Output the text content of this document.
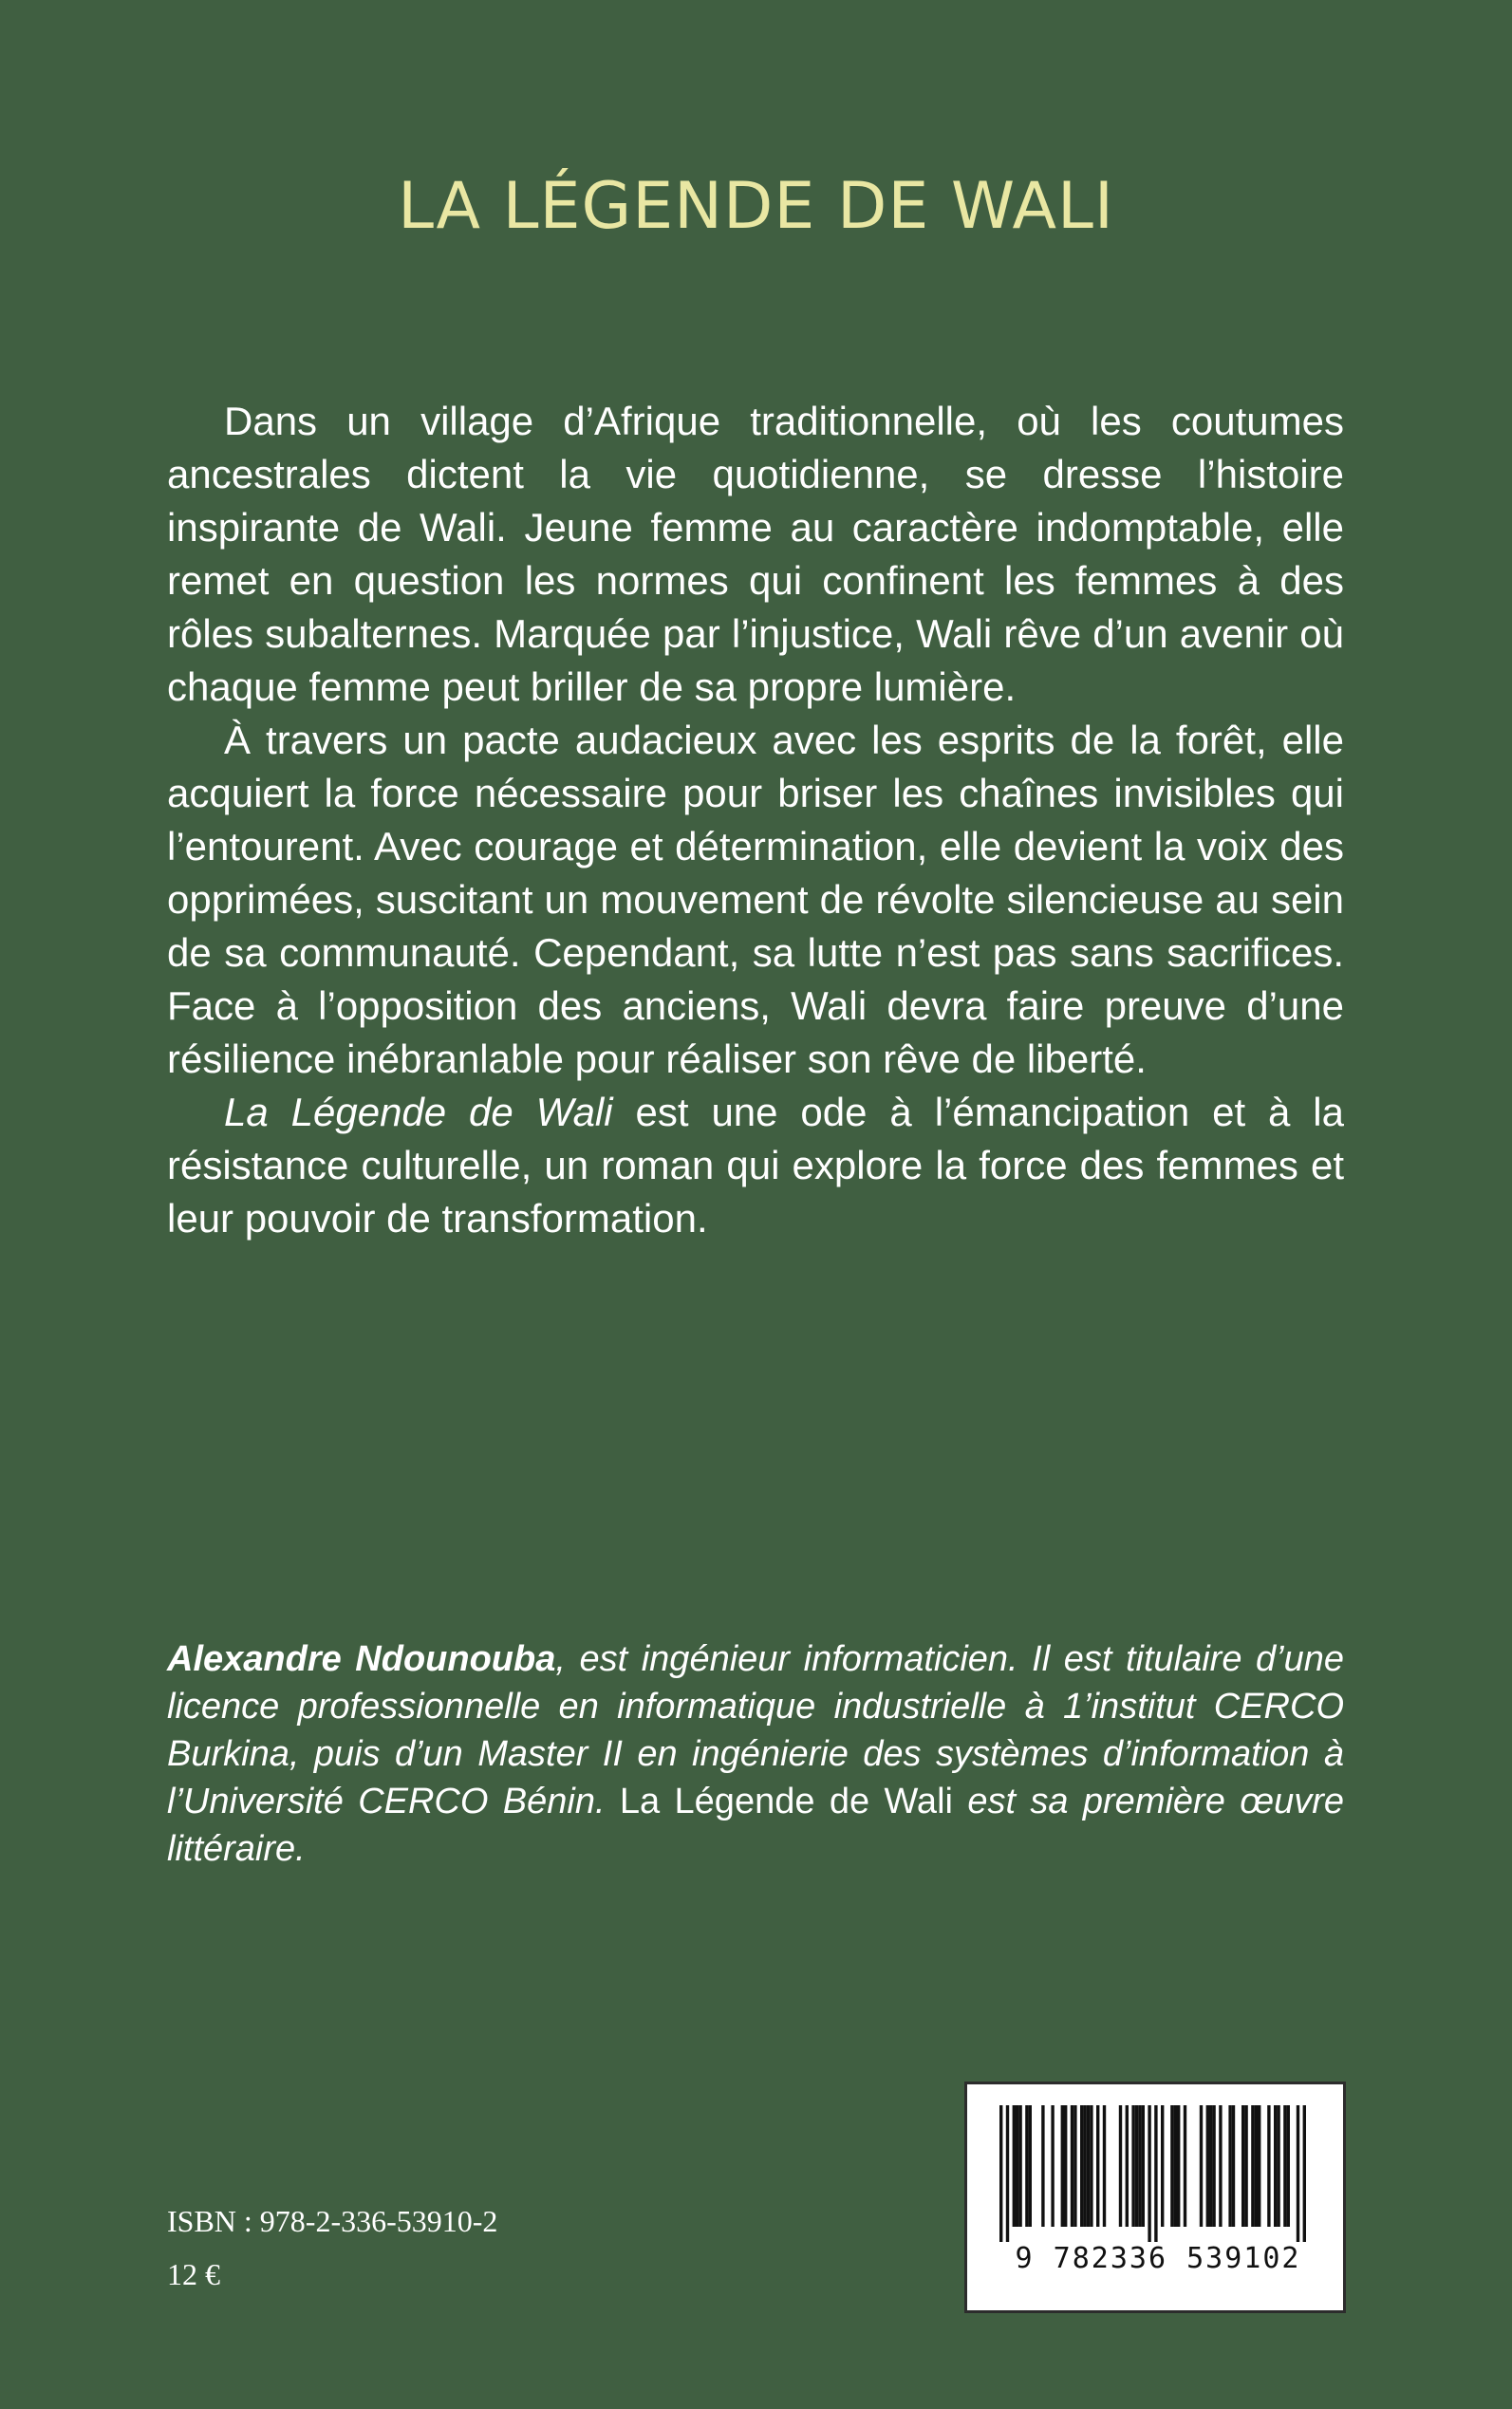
LA LÉGENDE DE WALI

Dans un village d’Afrique traditionnelle, où les coutumes ancestrales dictent la vie quotidienne, se dresse l’histoire inspirante de Wali. Jeune femme au caractère indomptable, elle remet en question les normes qui confinent les femmes à des rôles subalternes. Marquée par l’injustice, Wali rêve d’un avenir où chaque femme peut briller de sa propre lumière.

À travers un pacte audacieux avec les esprits de la forêt, elle acquiert la force nécessaire pour briser les chaînes invisibles qui l’entourent. Avec courage et détermination, elle devient la voix des opprimées, suscitant un mouvement de révolte silencieuse au sein de sa communauté. Cependant, sa lutte n’est pas sans sacrifices. Face à l’opposition des anciens, Wali devra faire preuve d’une résilience inébranlable pour réaliser son rêve de liberté.

La Légende de Wali est une ode à l’émancipation et à la résistance culturelle, un roman qui explore la force des femmes et leur pouvoir de transformation.

Alexandre Ndounouba, est ingénieur informaticien. Il est titulaire d’une licence professionnelle en informatique industrielle à 1’institut CERCO Burkina, puis d’un Master II en ingénierie des systèmes d’information à l’Université CERCO Bénin. La Légende de Wali est sa première œuvre littéraire.

ISBN : 978-2-336-53910-2
12 €	9 782336 539102
